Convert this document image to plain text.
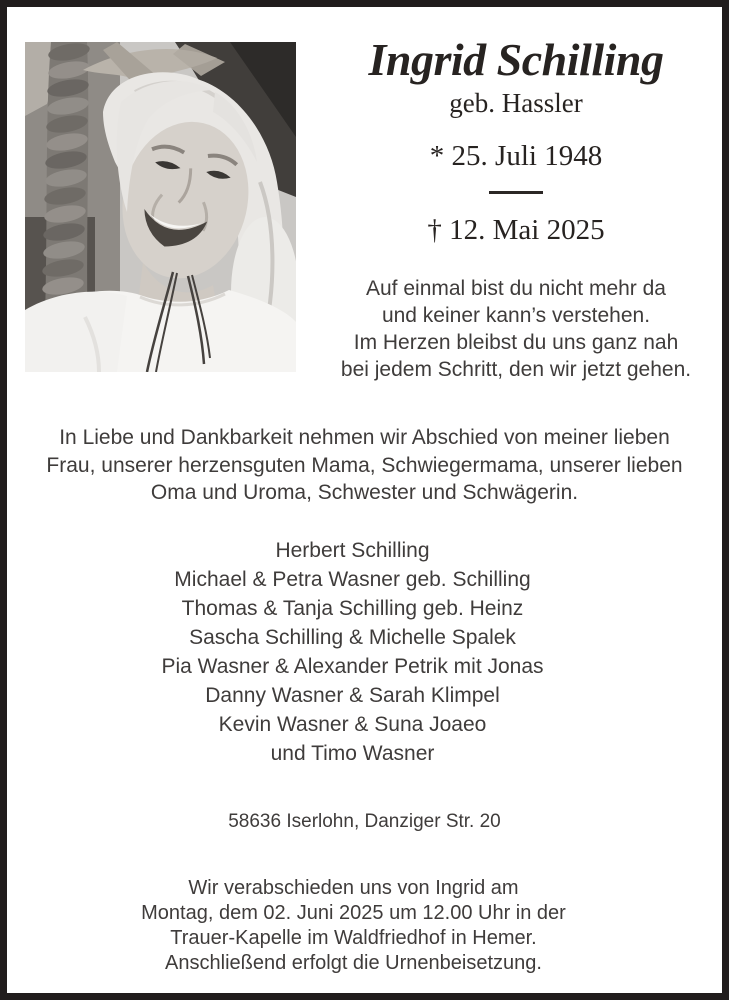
Ingrid Schilling
geb. Hassler
* 25. Juli 1948
† 12. Mai 2025
Auf einmal bist du nicht mehr da
und keiner kann’s verstehen.
Im Herzen bleibst du uns ganz nah
bei jedem Schritt, den wir jetzt gehen.
In Liebe und Dankbarkeit nehmen wir Abschied von meiner lieben
Frau, unserer herzensguten Mama, Schwiegermama, unserer lieben
Oma und Uroma, Schwester und Schwägerin.
Herbert Schilling
Michael & Petra Wasner geb. Schilling
Thomas & Tanja Schilling geb. Heinz
Sascha Schilling & Michelle Spalek
Pia Wasner & Alexander Petrik mit Jonas
Danny Wasner & Sarah Klimpel
Kevin Wasner & Suna Joaeo
und Timo Wasner
58636 Iserlohn, Danziger Str. 20
Wir verabschieden uns von Ingrid am
Montag, dem 02. Juni 2025 um 12.00 Uhr in der
Trauer-Kapelle im Waldfriedhof in Hemer.
Anschließend erfolgt die Urnenbeisetzung.
